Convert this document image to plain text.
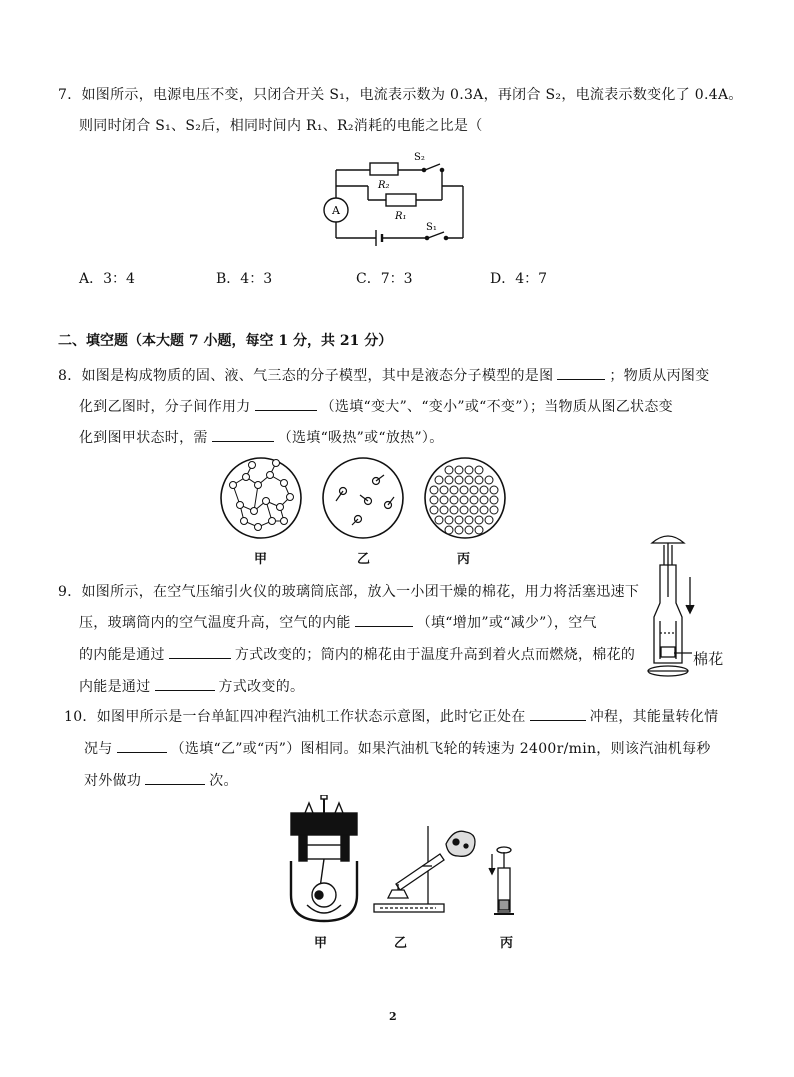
7．如图所示，电源电压不变，只闭合开关 S₁，电流表示数为 0.3A，再闭合 S₂，电流表示数变化了 0.4A。
则同时闭合 S₁、S₂后，相同时间内 R₁、R₂消耗的电能之比是（
A
R₂
R₁
S₂
S₁
A．3：4	B．4：3	C．7：3	D．4：7
二、填空题（本大题 7 小题，每空 1 分，共 21 分）
8．如图是构成物质的固、液、气三态的分子模型，其中是液态分子模型的是图	；物质从丙图变
化到乙图时，分子间作用力	（选填“变大”、“变小”或“不变”）；当物质从图乙状态变
化到图甲状态时，需	（选填“吸热”或“放热”）。
甲	乙	丙
9．如图所示，在空气压缩引火仪的玻璃筒底部，放入一小团干燥的棉花，用力将活塞迅速下
压，玻璃筒内的空气温度升高，空气的内能	（填“增加”或“减少”），空气
的内能是通过	方式改变的；筒内的棉花由于温度升高到着火点而燃烧，棉花的
内能是通过	方式改变的。
棉花
10．如图甲所示是一台单缸四冲程汽油机工作状态示意图，此时它正处在	冲程，其能量转化情
况与	（选填“乙”或“丙”）图相同。如果汽油机飞轮的转速为 2400r/min，则该汽油机每秒
对外做功	次。
甲	乙	丙
2
